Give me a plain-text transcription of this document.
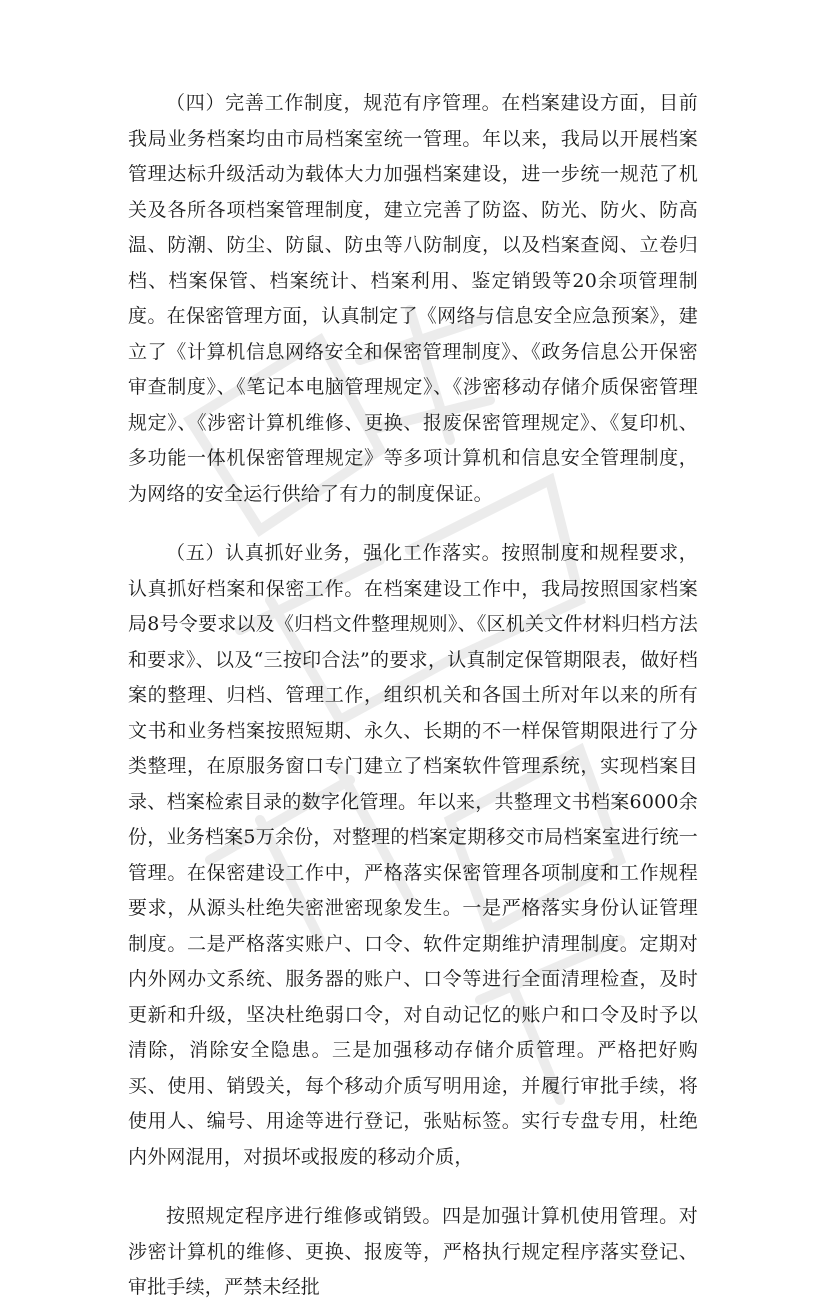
（四）完善工作制度，规范有序管理。在档案建设方面，目前我局业务档案均由市局档案室统一管理。年以来，我局以开展档案管理达标升级活动为载体大力加强档案建设，进一步统一规范了机关及各所各项档案管理制度，建立完善了防盗、防光、防火、防高温、防潮、防尘、防鼠、防虫等八防制度，以及档案查阅、立卷归档、档案保管、档案统计、档案利用、鉴定销毁等20余项管理制度。在保密管理方面，认真制定了《网络与信息安全应急预案》，建立了《计算机信息网络安全和保密管理制度》、《政务信息公开保密审查制度》、《笔记本电脑管理规定》、《涉密移动存储介质保密管理规定》、《涉密计算机维修、更换、报废保密管理规定》、《复印机、多功能一体机保密管理规定》等多项计算机和信息安全管理制度，为网络的安全运行供给了有力的制度保证。

（五）认真抓好业务，强化工作落实。按照制度和规程要求，认真抓好档案和保密工作。在档案建设工作中，我局按照国家档案局8号令要求以及《归档文件整理规则》、《区机关文件材料归档方法和要求》、以及“三按印合法”的要求，认真制定保管期限表，做好档案的整理、归档、管理工作，组织机关和各国土所对年以来的所有文书和业务档案按照短期、永久、长期的不一样保管期限进行了分类整理，在原服务窗口专门建立了档案软件管理系统，实现档案目录、档案检索目录的数字化管理。年以来，共整理文书档案6000余份，业务档案5万余份，对整理的档案定期移交市局档案室进行统一管理。在保密建设工作中，严格落实保密管理各项制度和工作规程要求，从源头杜绝失密泄密现象发生。一是严格落实身份认证管理制度。二是严格落实账户、口令、软件定期维护清理制度。定期对内外网办文系统、服务器的账户、口令等进行全面清理检查，及时更新和升级，坚决杜绝弱口令，对自动记忆的账户和口令及时予以清除，消除安全隐患。三是加强移动存储介质管理。严格把好购买、使用、销毁关，每个移动介质写明用途，并履行审批手续，将使用人、编号、用途等进行登记，张贴标签。实行专盘专用，杜绝内外网混用，对损坏或报废的移动介质，

按照规定程序进行维修或销毁。四是加强计算机使用管理。对涉密计算机的维修、更换、报废等，严格执行规定程序落实登记、审批手续，严禁未经批
